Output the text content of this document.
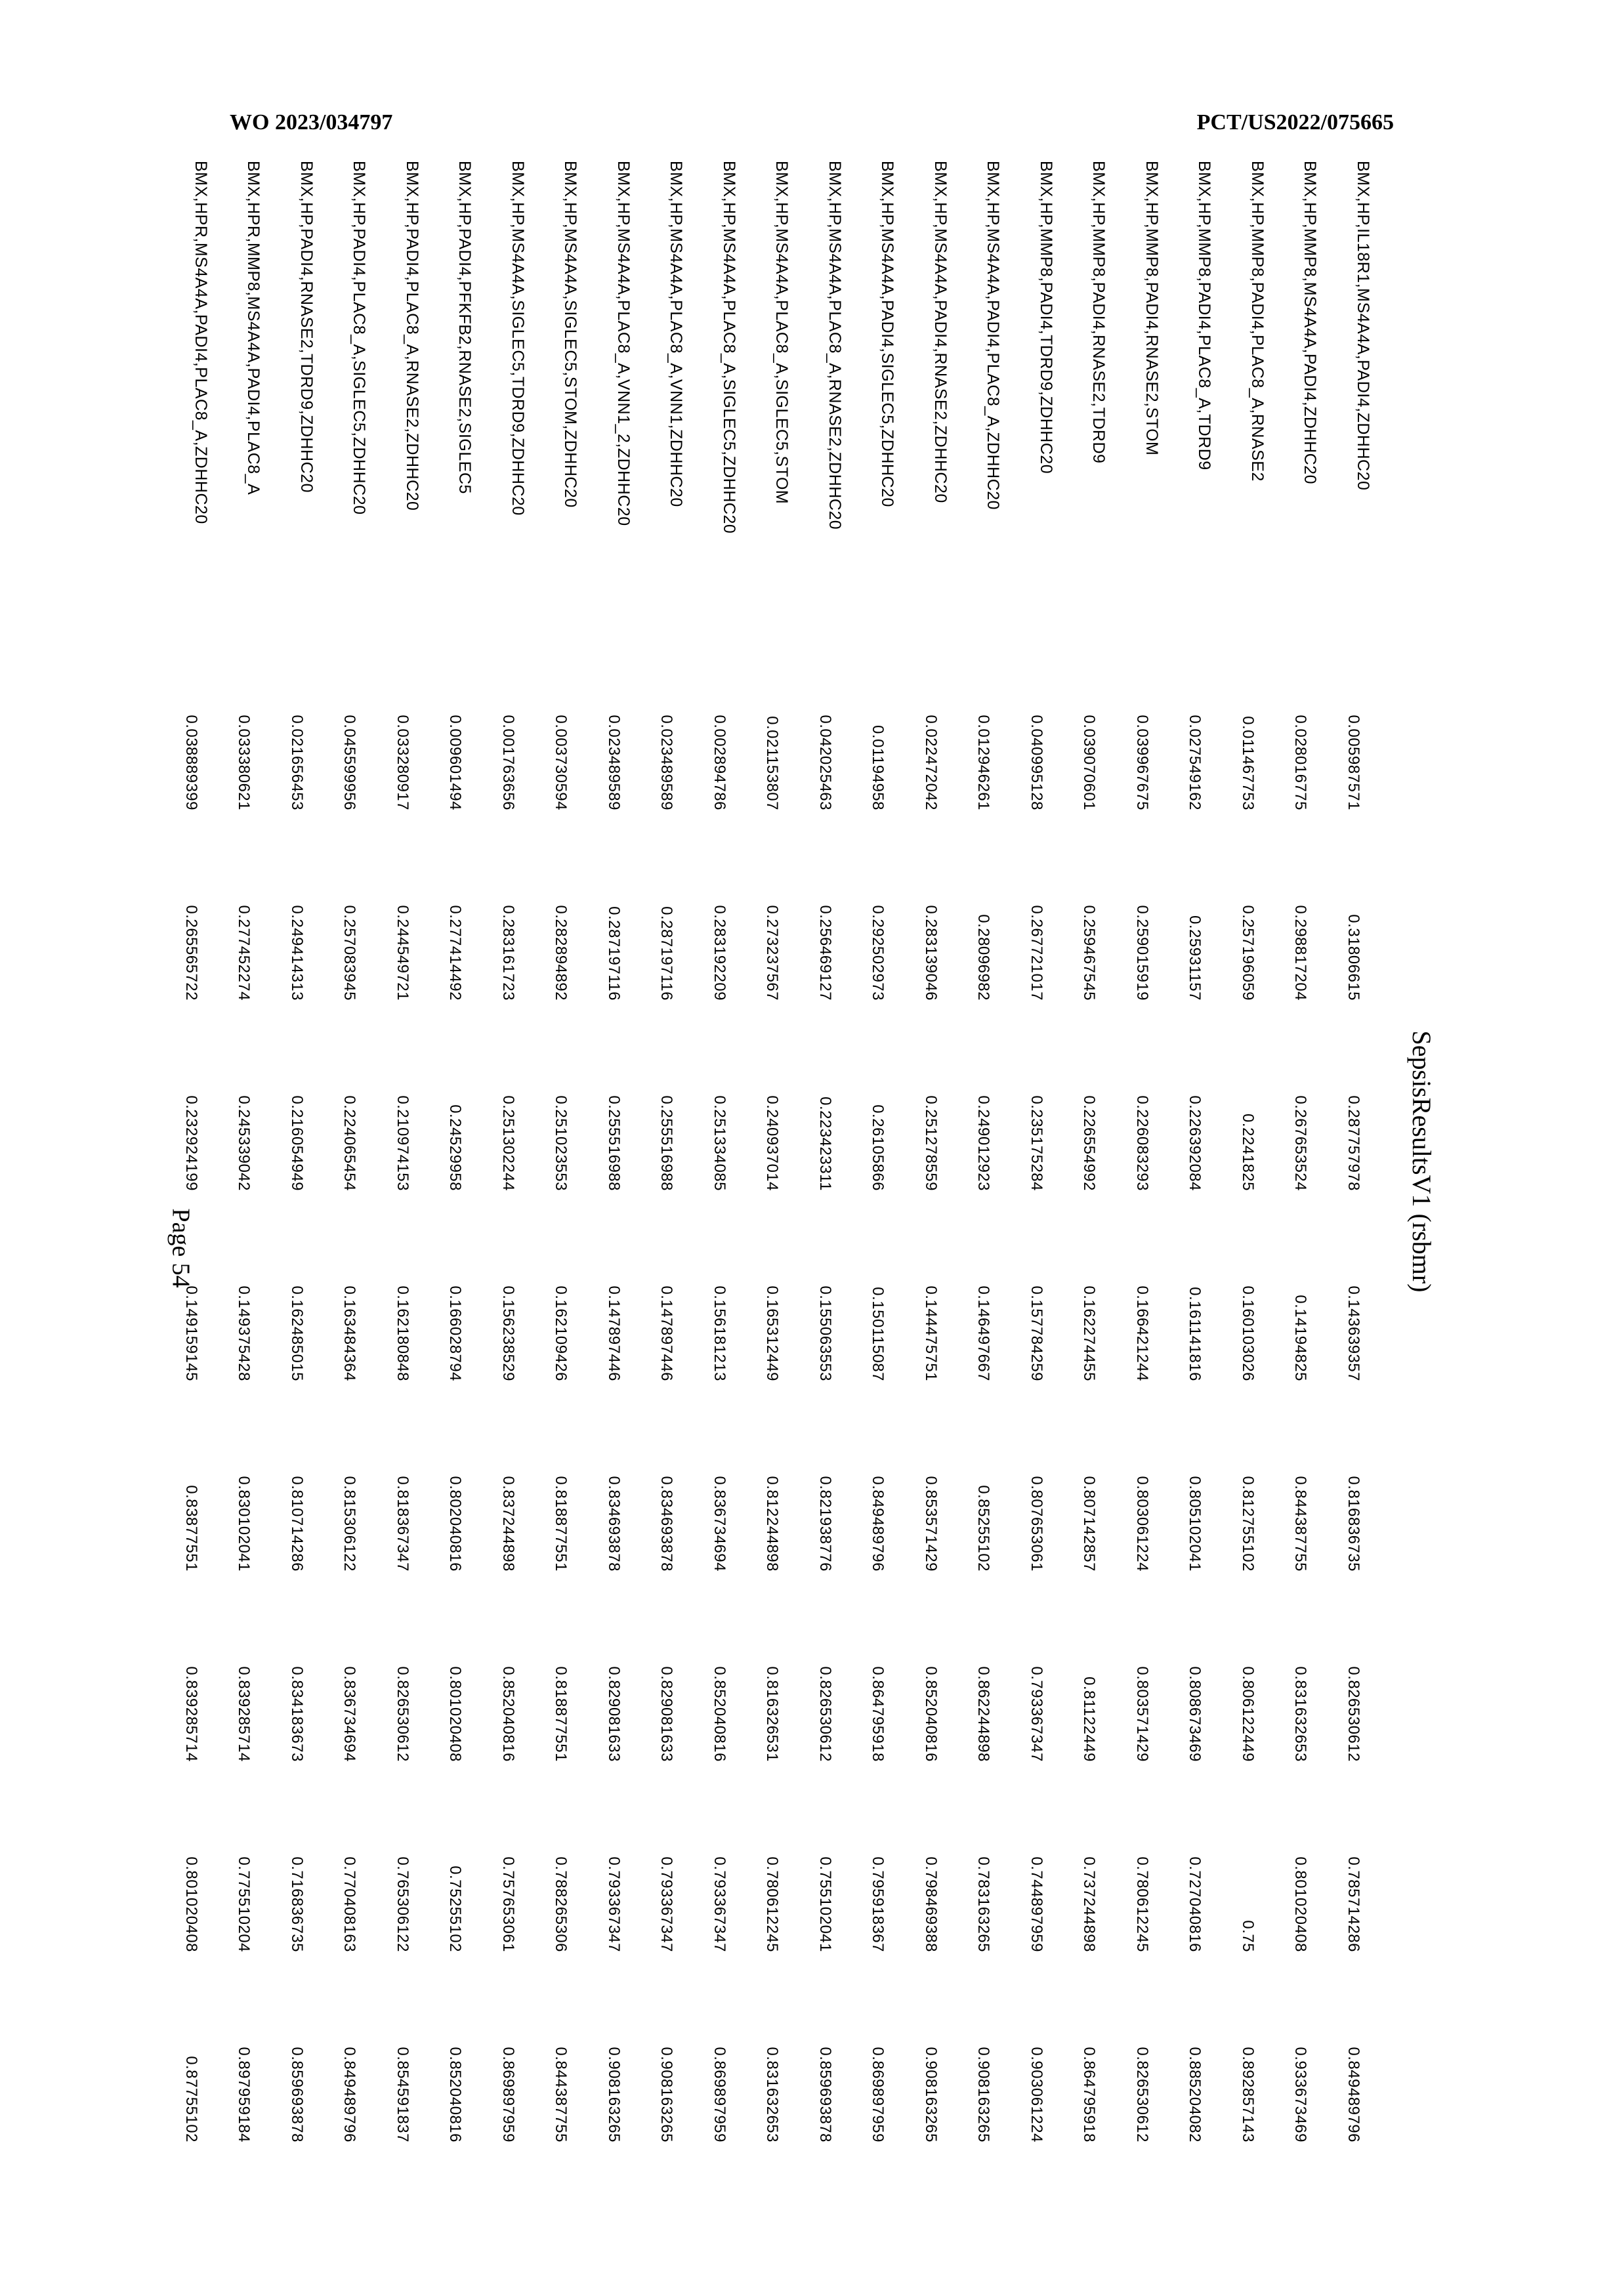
WO 2023/034797	PCT/US2022/075665
SepsisResultsV1 (rsbmr)
BMX,HP,IL18R1,MS4A4A,PADI4,ZDHHC20	0.005987571	0.31806615	0.287757978	0.143639357	0.816836735	0.826530612	0.785714286	0.849489796
BMX,HP,MMP8,MS4A4A,PADI4,ZDHHC20	0.028016775	0.298817204	0.267653524	0.14194825	0.844387755	0.831632653	0.801020408	0.933673469
BMX,HP,MMP8,PADI4,PLAC8_A,RNASE2	0.011467753	0.257196059	0.2241825	0.160103026	0.812755102	0.806122449	0.75	0.892857143
BMX,HP,MMP8,PADI4,PLAC8_A,TDRD9	0.027549162	0.25931157	0.226392084	0.161141816	0.805102041	0.808673469	0.727040816	0.885204082
BMX,HP,MMP8,PADI4,RNASE2,STOM	0.039967675	0.259015919	0.226083293	0.166421244	0.803061224	0.803571429	0.780612245	0.826530612
BMX,HP,MMP8,PADI4,RNASE2,TDRD9	0.039070601	0.259467545	0.226554992	0.162274455	0.807142857	0.81122449	0.737244898	0.864795918
BMX,HP,MMP8,PADI4,TDRD9,ZDHHC20	0.040995128	0.267721017	0.235175284	0.157784259	0.807653061	0.793367347	0.744897959	0.903061224
BMX,HP,MS4A4A,PADI4,PLAC8_A,ZDHHC20	0.012946261	0.28096982	0.249012923	0.146497667	0.85255102	0.862244898	0.783163265	0.908163265
BMX,HP,MS4A4A,PADI4,RNASE2,ZDHHC20	0.022472042	0.283139046	0.251278559	0.144475751	0.853571429	0.852040816	0.798469388	0.908163265
BMX,HP,MS4A4A,PADI4,SIGLEC5,ZDHHC20	0.01194958	0.292502973	0.26105866	0.150115087	0.849489796	0.864795918	0.795918367	0.869897959
BMX,HP,MS4A4A,PLAC8_A,RNASE2,ZDHHC20	0.042025463	0.256469127	0.223423311	0.155063553	0.821938776	0.826530612	0.755102041	0.859693878
BMX,HP,MS4A4A,PLAC8_A,SIGLEC5,STOM	0.021153807	0.273237567	0.240937014	0.165312449	0.812244898	0.816326531	0.780612245	0.831632653
BMX,HP,MS4A4A,PLAC8_A,SIGLEC5,ZDHHC20	0.002894786	0.283192209	0.251334085	0.156181213	0.836734694	0.852040816	0.793367347	0.869897959
BMX,HP,MS4A4A,PLAC8_A,VNN1,ZDHHC20	0.023489589	0.287197116	0.255516988	0.147897446	0.834693878	0.829081633	0.793367347	0.908163265
BMX,HP,MS4A4A,PLAC8_A,VNN1_2,ZDHHC20	0.023489589	0.287197116	0.255516988	0.147897446	0.834693878	0.829081633	0.793367347	0.908163265
BMX,HP,MS4A4A,SIGLEC5,STOM,ZDHHC20	0.003730594	0.282894892	0.251023553	0.162109426	0.818877551	0.818877551	0.788265306	0.844387755
BMX,HP,MS4A4A,SIGLEC5,TDRD9,ZDHHC20	0.001763656	0.283161723	0.251302244	0.156238529	0.837244898	0.852040816	0.757653061	0.869897959
BMX,HP,PADI4,PFKFB2,RNASE2,SIGLEC5	0.009601494	0.277414492	0.24529958	0.166028794	0.802040816	0.801020408	0.75255102	0.852040816
BMX,HP,PADI4,PLAC8_A,RNASE2,ZDHHC20	0.033280917	0.244549721	0.210974153	0.162180848	0.818367347	0.826530612	0.765306122	0.854591837
BMX,HP,PADI4,PLAC8_A,SIGLEC5,ZDHHC20	0.045599956	0.257083945	0.224065454	0.163484364	0.815306122	0.836734694	0.770408163	0.849489796
BMX,HP,PADI4,RNASE2,TDRD9,ZDHHC20	0.021656453	0.249414313	0.216054949	0.162485015	0.810714286	0.834183673	0.716836735	0.859693878
BMX,HPR,MMP8,MS4A4A,PADI4,PLAC8_A	0.033380621	0.277452274	0.245339042	0.149375428	0.830102041	0.839285714	0.775510204	0.897959184
BMX,HPR,MS4A4A,PADI4,PLAC8_A,ZDHHC20	0.038889399	0.265565722	0.232924199	0.149159145	0.83877551	0.839285714	0.801020408	0.87755102
Page 54
